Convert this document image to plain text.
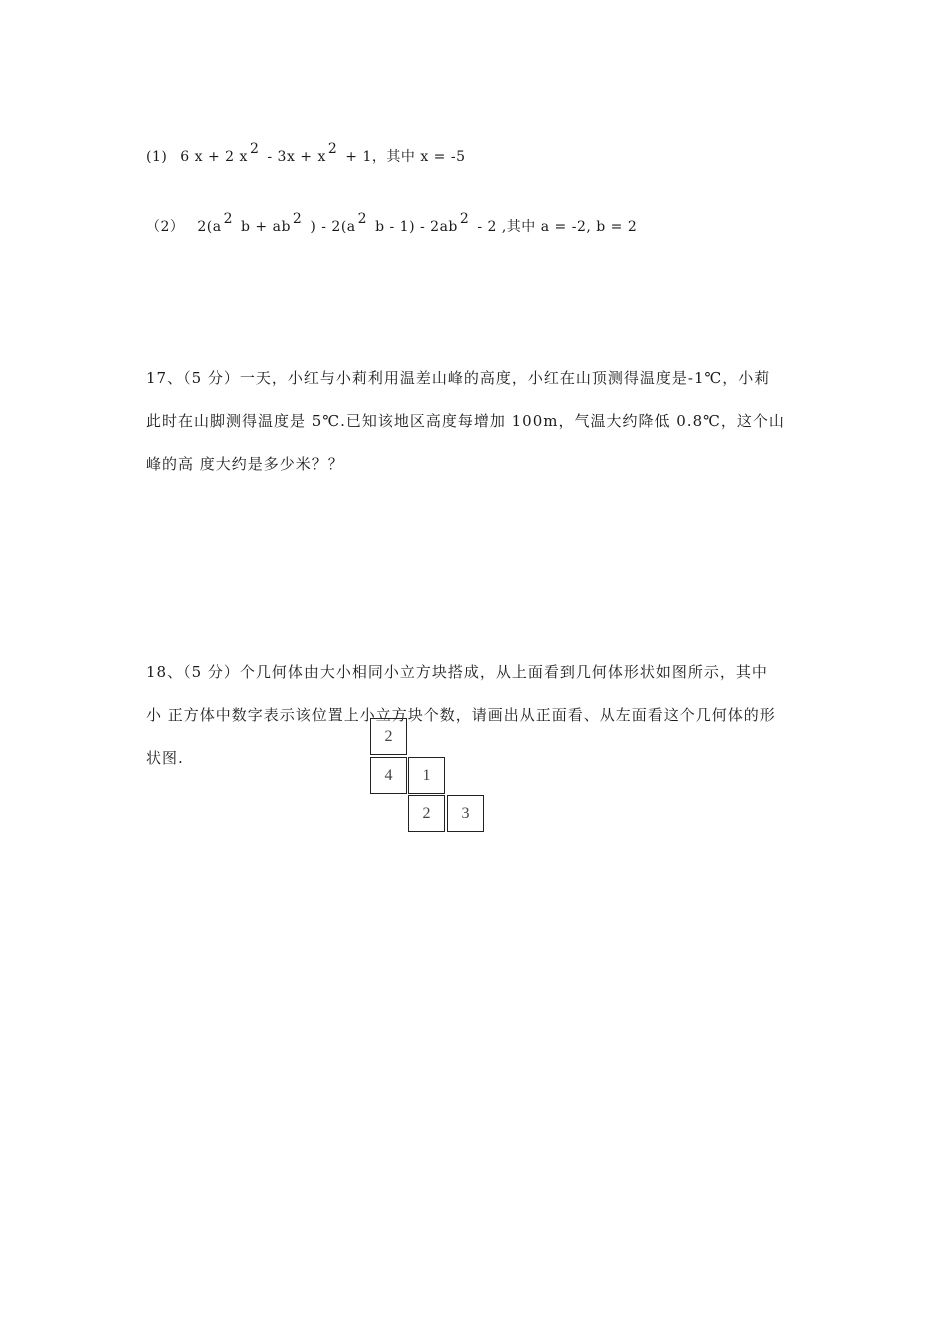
(1) 6 x + 2 x 2 - 3x + x 2 + 1，其中 x = -5
（2） 2(a 2 b + ab 2 ) - 2(a 2 b - 1) - 2ab 2 - 2 ,其中 a = -2, b = 2
17、（5 分）一天，小红与小莉利用温差山峰的高度，小红在山顶测得温度是-1℃，小莉
此时在山脚测得温度是 5℃.已知该地区高度每增加 100m，气温大约降低 0.8℃，这个山
峰的高 度大约是多少米？？
18、（5 分）个几何体由大小相同小立方块搭成，从上面看到几何体形状如图所示，其中
小 正方体中数字表示该位置上小立方块个数，请画出从正面看、从左面看这个几何体的形
状图.
2
4	1
2	3
